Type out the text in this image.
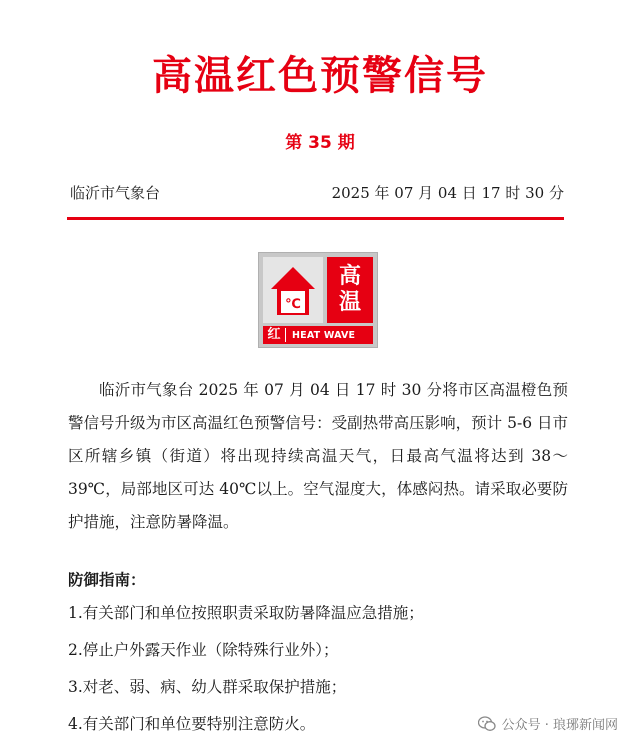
高温红色预警信号
第 35 期
临沂市气象台	2025 年 07 月 04 日 17 时 30 分
℃
高
温
红	HEAT WAVE

临沂市气象台 2025 年 07 月 04 日 17 时 30 分将市区高温橙色预警信号升级为市区高温红色预警信号：受副热带高压影响，预计 5-6 日市区所辖乡镇（街道）将出现持续高温天气，日最高气温将达到 38～39℃，局部地区可达 40℃以上。空气湿度大，体感闷热。请采取必要防护措施，注意防暑降温。

防御指南：
1.有关部门和单位按照职责采取防暑降温应急措施；
2.停止户外露天作业（除特殊行业外）；
3.对老、弱、病、幼人群采取保护措施；
4.有关部门和单位要特别注意防火。	公众号 · 琅琊新闻网
